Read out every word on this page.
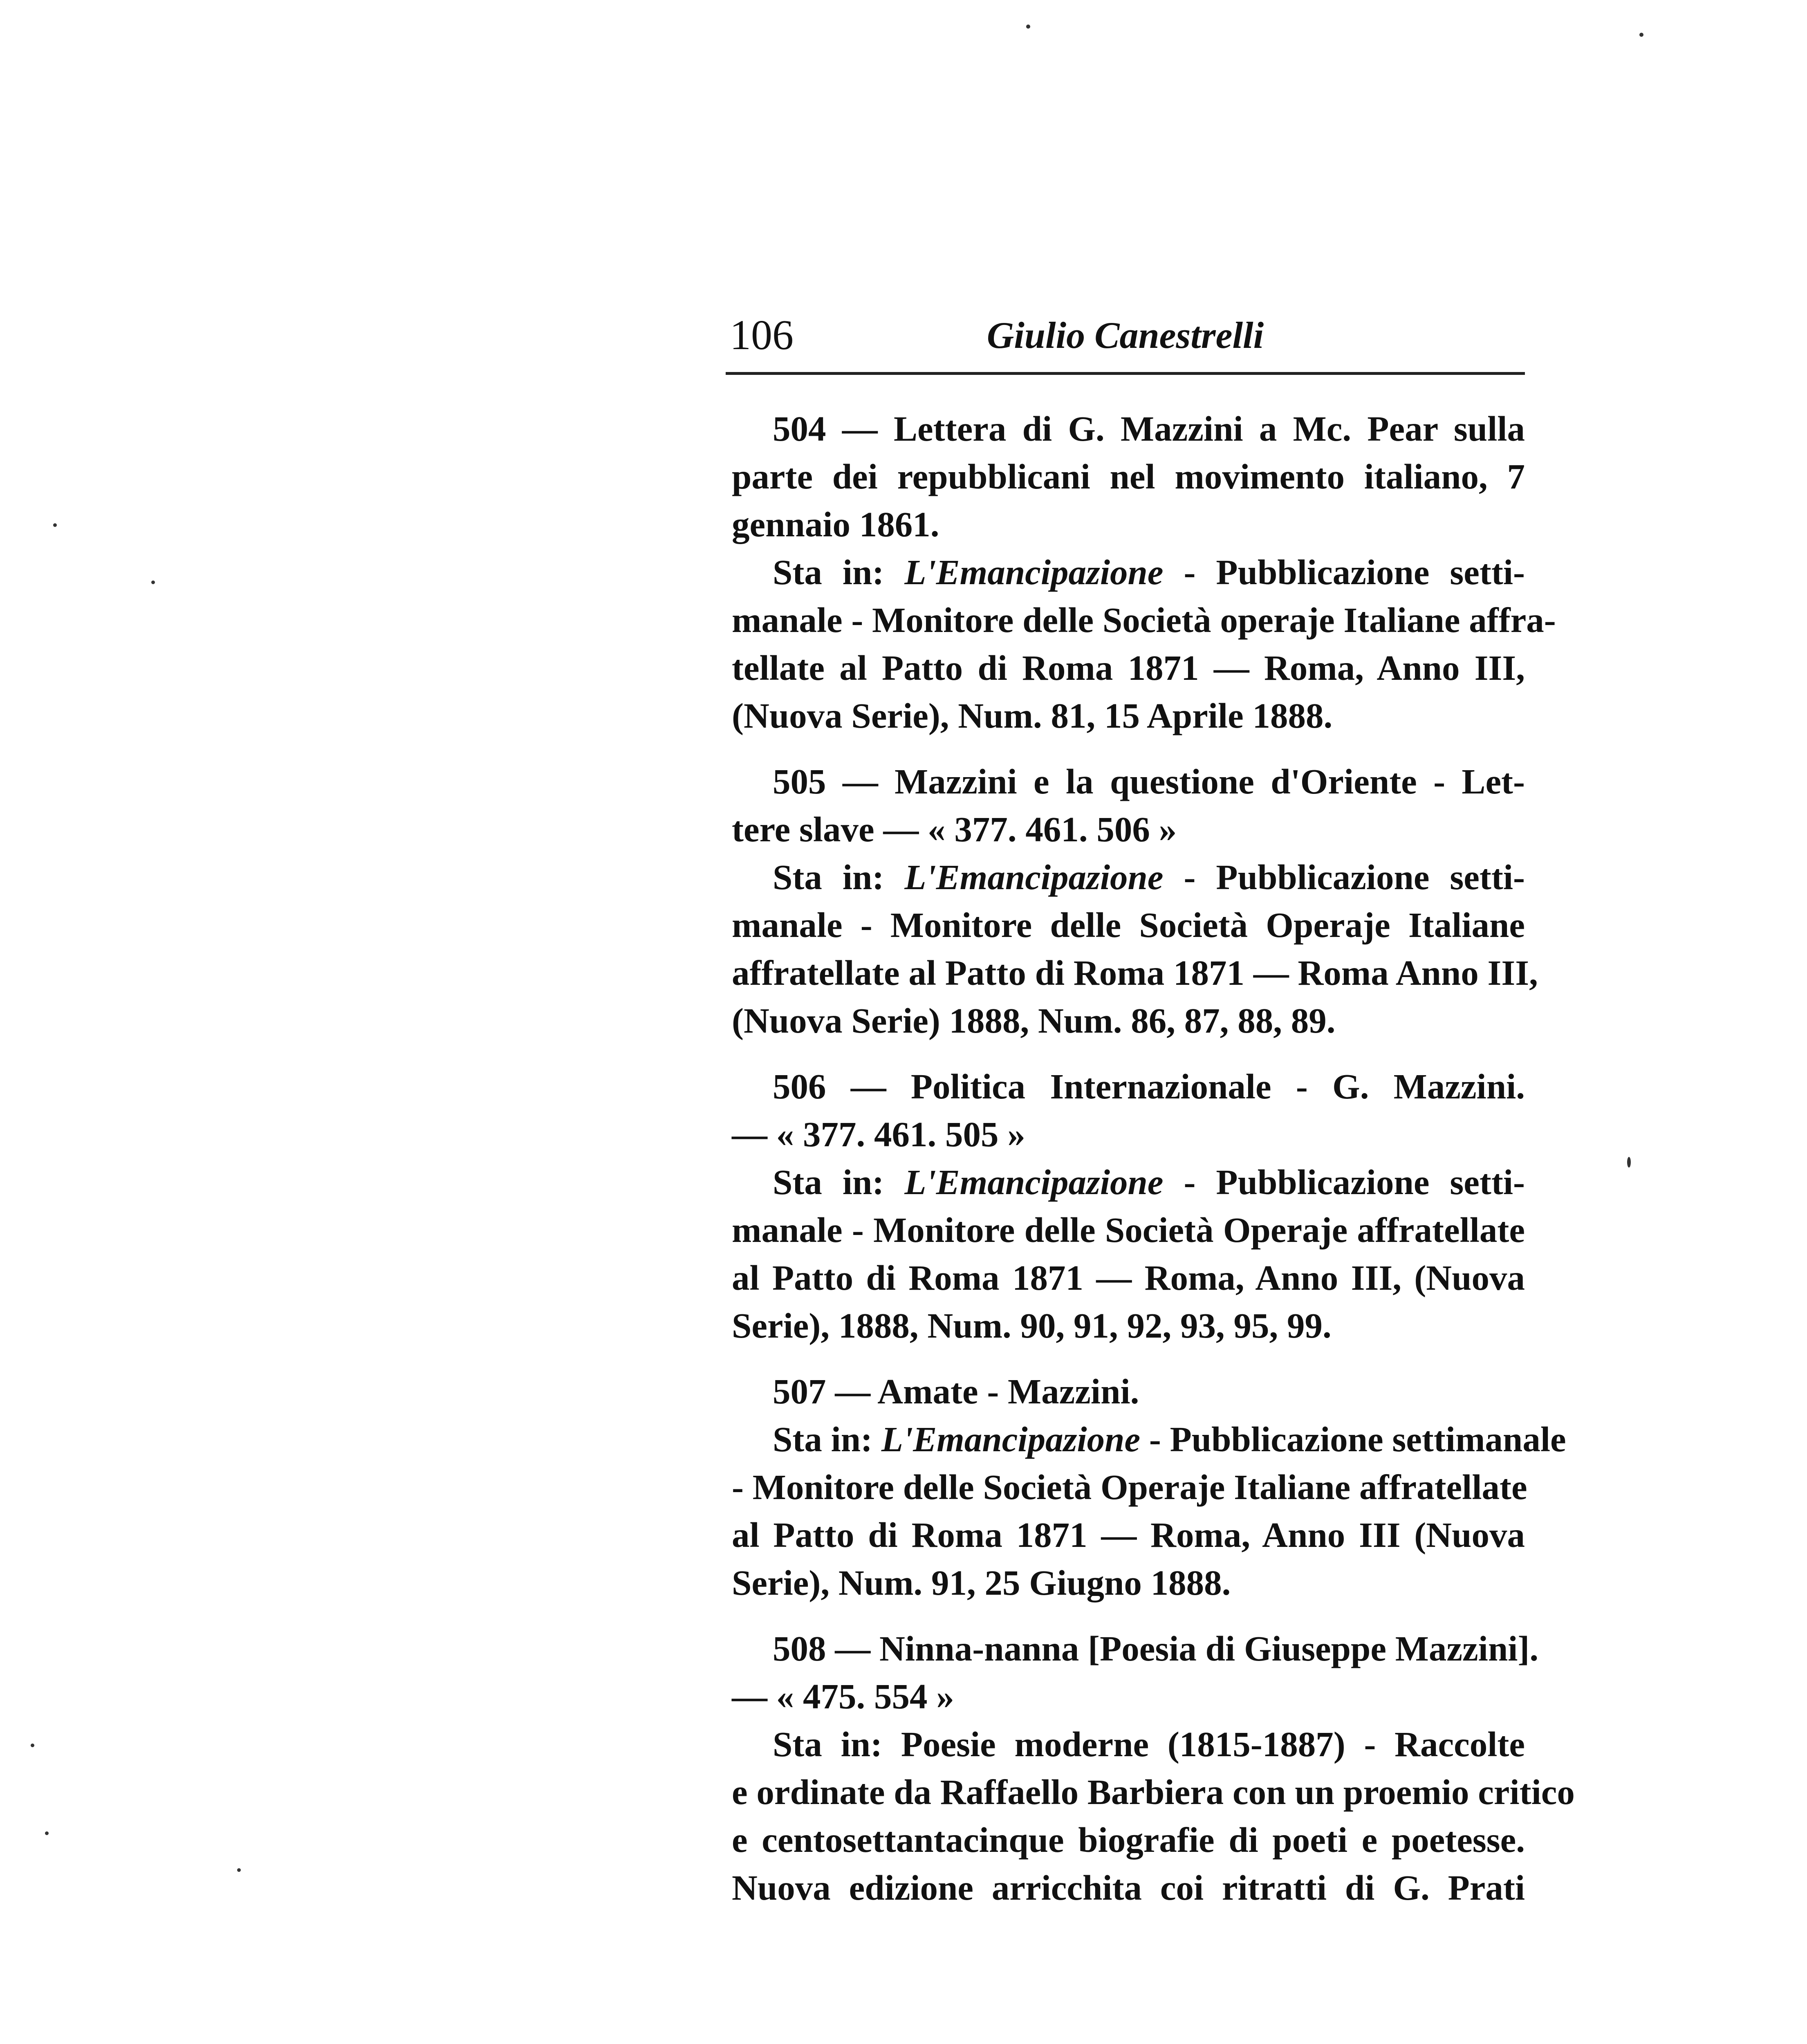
106	Giulio Canestrelli
504 — Lettera di G. Mazzini a Mc. Pear sulla
parte dei repubblicani nel movimento italiano, 7
gennaio 1861.
Sta in: L'Emancipazione - Pubblicazione setti-
manale - Monitore delle Società operaje Italiane affra-
tellate al Patto di Roma 1871 — Roma, Anno III,
(Nuova Serie), Num. 81, 15 Aprile 1888.
505 — Mazzini e la questione d'Oriente - Let-
tere slave — « 377. 461. 506 »
Sta in: L'Emancipazione - Pubblicazione setti-
manale - Monitore delle Società Operaje Italiane
affratellate al Patto di Roma 1871 — Roma Anno III,
(Nuova Serie) 1888, Num. 86, 87, 88, 89.
506 — Politica Internazionale - G. Mazzini.
— « 377. 461. 505 »
Sta in: L'Emancipazione - Pubblicazione setti-
manale - Monitore delle Società Operaje affratellate
al Patto di Roma 1871 — Roma, Anno III, (Nuova
Serie), 1888, Num. 90, 91, 92, 93, 95, 99.
507 — Amate - Mazzini.
Sta in: L'Emancipazione - Pubblicazione settimanale
- Monitore delle Società Operaje Italiane affratellate
al Patto di Roma 1871 — Roma, Anno III (Nuova
Serie), Num. 91, 25 Giugno 1888.
508 — Ninna-nanna [Poesia di Giuseppe Mazzini].
— « 475. 554 »
Sta in: Poesie moderne (1815-1887) - Raccolte
e ordinate da Raffaello Barbiera con un proemio critico
e centosettantacinque biografie di poeti e poetesse.
Nuova edizione arricchita coi ritratti di G. Prati
